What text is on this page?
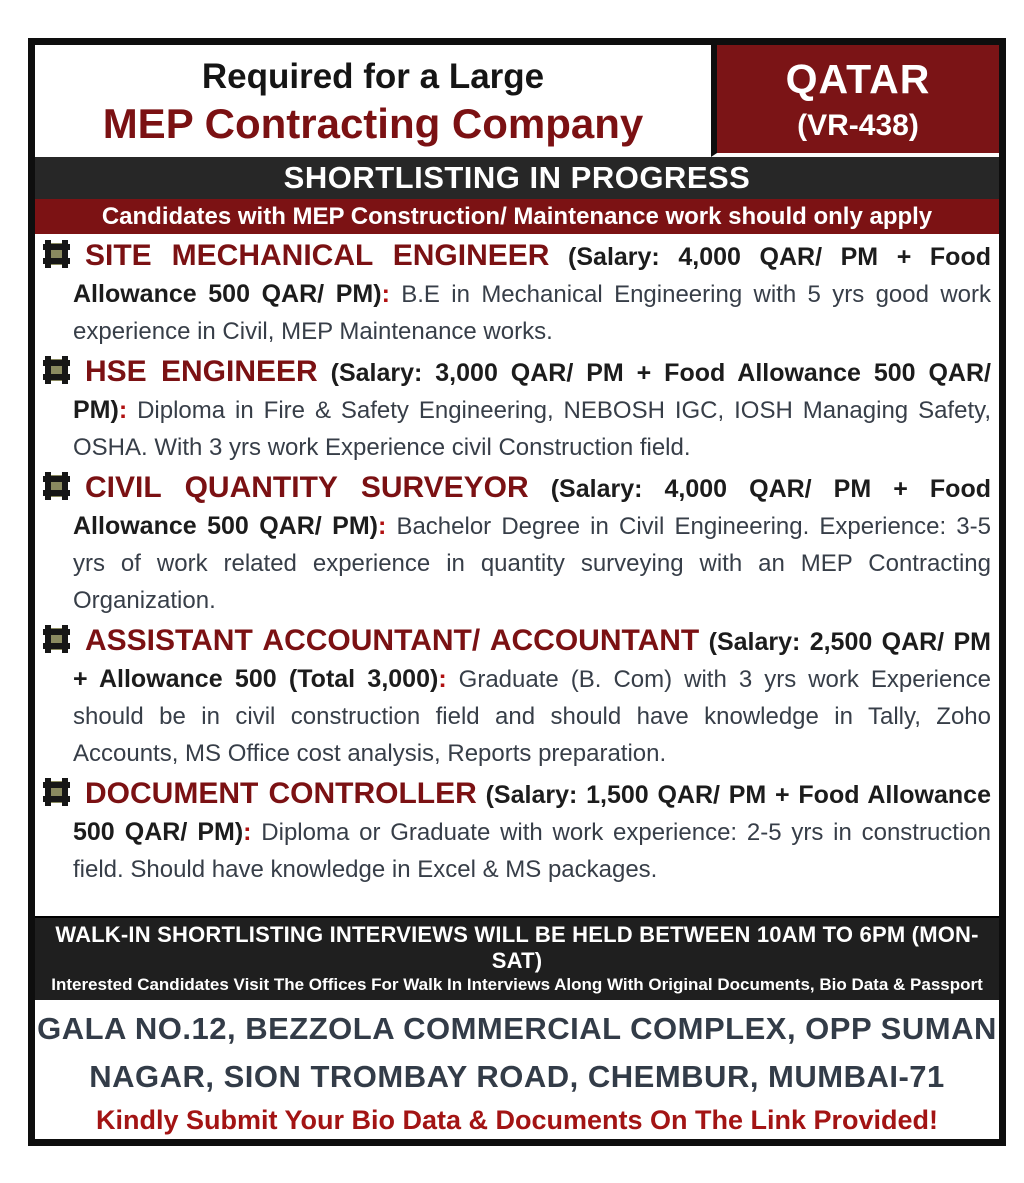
Required for a Large
MEP Contracting Company
QATAR
(VR-438)
SHORTLISTING IN PROGRESS
Candidates with MEP Construction/ Maintenance work should only apply

SITE MECHANICAL ENGINEER (Salary: 4,000 QAR/ PM + Food Allowance 500 QAR/ PM): B.E in Mechanical Engineering with 5 yrs good work experience in Civil, MEP Maintenance works.

HSE ENGINEER (Salary: 3,000 QAR/ PM + Food Allowance 500 QAR/ PM): Diploma in Fire & Safety Engineering, NEBOSH IGC, IOSH Managing Safety, OSHA. With 3 yrs work Experience civil Construction field.

CIVIL QUANTITY SURVEYOR (Salary: 4,000 QAR/ PM + Food Allowance 500 QAR/ PM): Bachelor Degree in Civil Engineering. Experience: 3-5 yrs of work related experience in quantity surveying with an MEP Contracting Organization.

ASSISTANT ACCOUNTANT/ ACCOUNTANT (Salary: 2,500 QAR/ PM + Allowance 500 (Total 3,000): Graduate (B. Com) with 3 yrs work Experience should be in civil construction field and should have knowledge in Tally, Zoho Accounts, MS Office cost analysis, Reports preparation.

DOCUMENT CONTROLLER (Salary: 1,500 QAR/ PM + Food Allowance 500 QAR/ PM): Diploma or Graduate with work experience: 2-5 yrs in construction field. Should have knowledge in Excel & MS packages.

WALK-IN SHORTLISTING INTERVIEWS WILL BE HELD BETWEEN 10AM TO 6PM (MON-SAT)
Interested Candidates Visit The Offices For Walk In Interviews Along With Original Documents, Bio Data & Passport
GALA NO.12, BEZZOLA COMMERCIAL COMPLEX, OPP SUMAN
NAGAR, SION TROMBAY ROAD, CHEMBUR, MUMBAI-71
Kindly Submit Your Bio Data & Documents On The Link Provided!
